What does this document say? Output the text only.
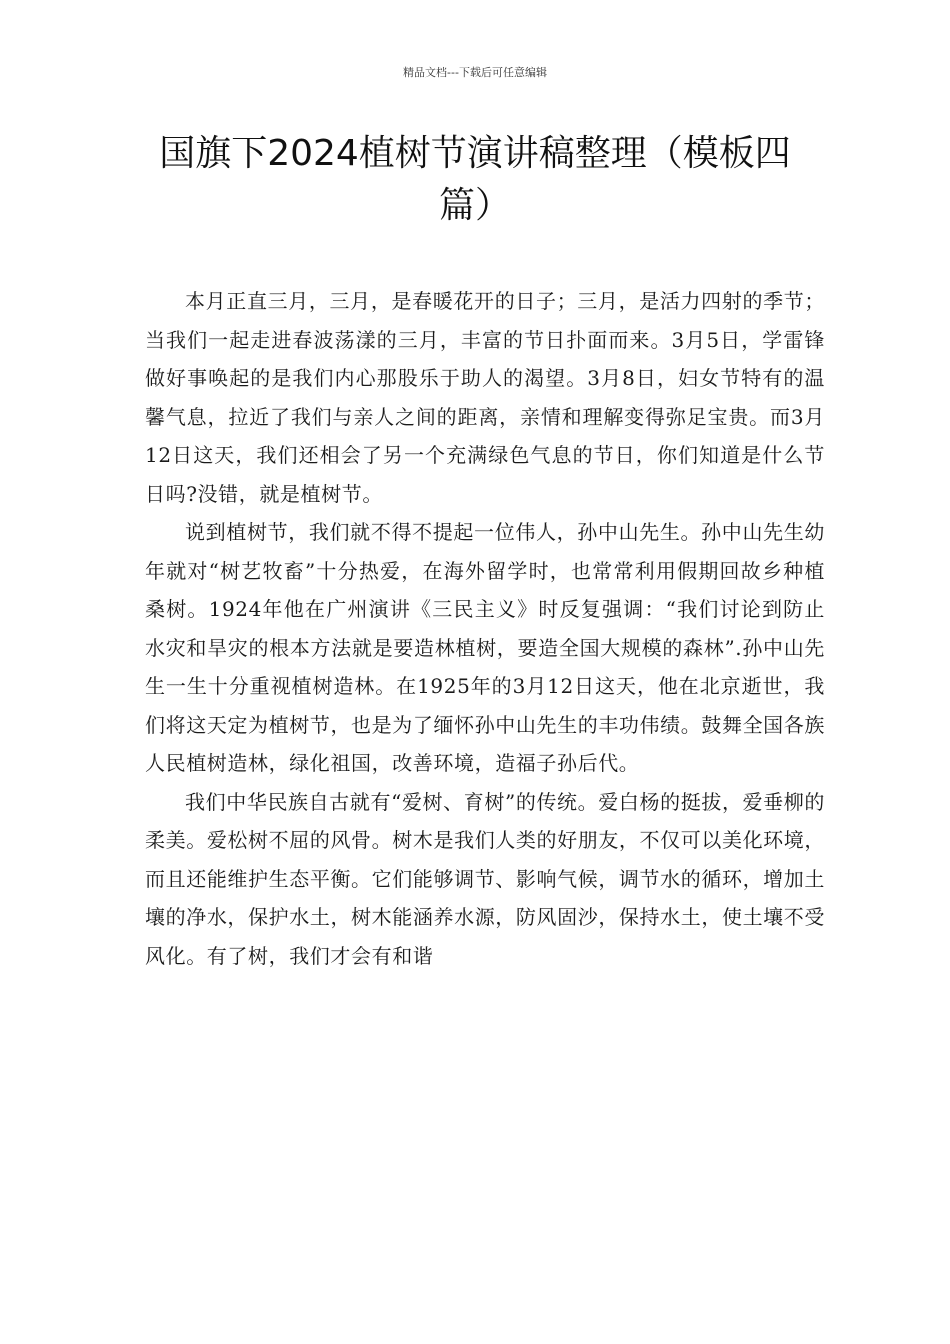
精品文档---下载后可任意编辑
国旗下2024植树节演讲稿整理（模板四篇）

本月正直三月，三月，是春暖花开的日子；三月，是活力四射的季节；当我们一起走进春波荡漾的三月，丰富的节日扑面而来。3月5日，学雷锋做好事唤起的是我们内心那股乐于助人的渴望。3月8日，妇女节特有的温馨气息，拉近了我们与亲人之间的距离，亲情和理解变得弥足宝贵。而3月12日这天，我们还相会了另一个充满绿色气息的节日，你们知道是什么节日吗?没错，就是植树节。

说到植树节，我们就不得不提起一位伟人，孙中山先生。孙中山先生幼年就对“树艺牧畜”十分热爱，在海外留学时，也常常利用假期回故乡种植桑树。1924年他在广州演讲《三民主义》时反复强调：“我们讨论到防止水灾和旱灾的根本方法就是要造林植树，要造全国大规模的森林”.孙中山先生一生十分重视植树造林。在1925年的3月12日这天，他在北京逝世，我们将这天定为植树节，也是为了缅怀孙中山先生的丰功伟绩。鼓舞全国各族人民植树造林，绿化祖国，改善环境，造福子孙后代。

我们中华民族自古就有“爱树、育树”的传统。爱白杨的挺拔，爱垂柳的柔美。爱松树不屈的风骨。树木是我们人类的好朋友，不仅可以美化环境，而且还能维护生态平衡。它们能够调节、影响气候，调节水的循环，增加土壤的净水，保护水土，树木能涵养水源，防风固沙，保持水土，使土壤不受风化。有了树，我们才会有和谐
